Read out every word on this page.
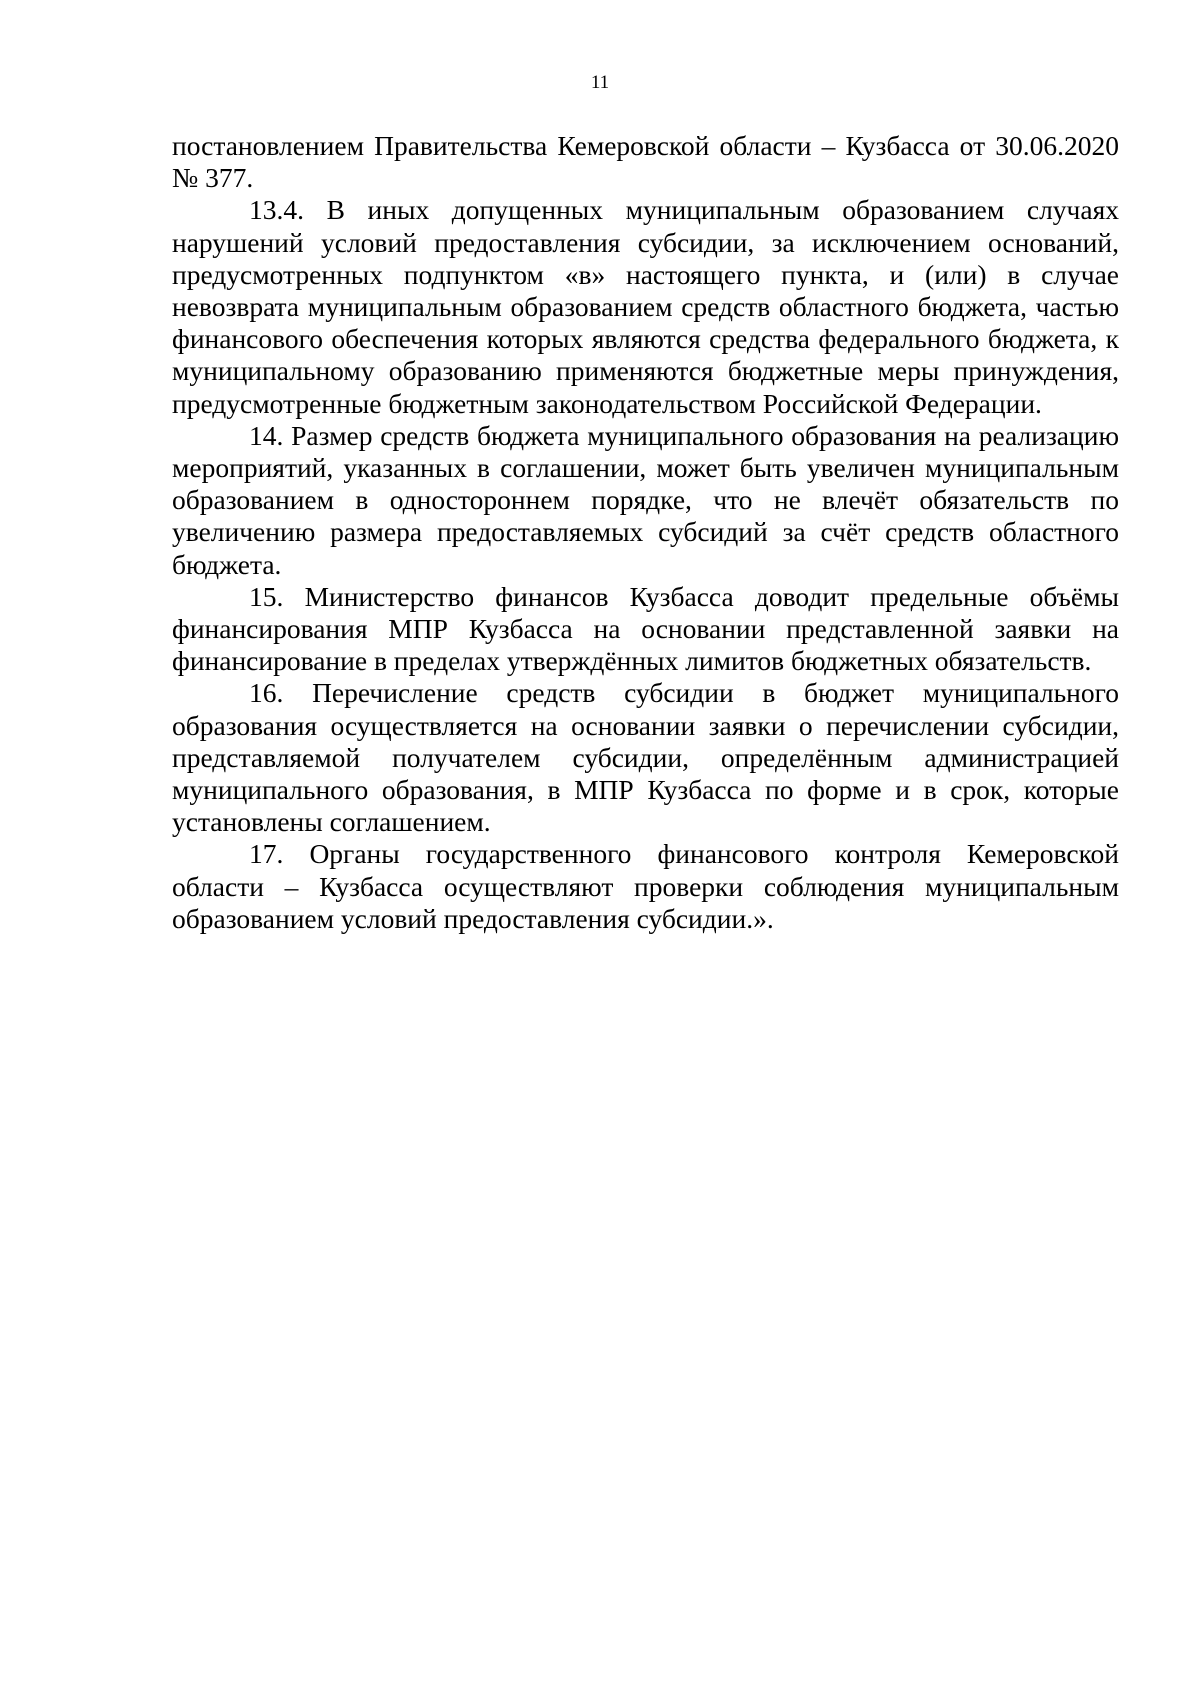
11

постановлением Правительства Кемеровской области – Кузбасса от 30.06.2020 № 377.

13.4. В иных допущенных муниципальным образованием случаях нарушений условий предоставления субсидии, за исключением оснований, предусмотренных подпунктом «в» настоящего пункта, и (или) в случае невозврата муниципальным образованием средств областного бюджета, частью финансового обеспечения которых являются средства федерального бюджета, к муниципальному образованию применяются бюджетные меры принуждения, предусмотренные бюджетным законодательством Российской Федерации.

14. Размер средств бюджета муниципального образования на реализацию мероприятий, указанных в соглашении, может быть увеличен муниципальным образованием в одностороннем порядке, что не влечёт обязательств по увеличению размера предоставляемых субсидий за счёт средств областного бюджета.

15. Министерство финансов Кузбасса доводит предельные объёмы финансирования МПР Кузбасса на основании представленной заявки на финансирование в пределах утверждённых лимитов бюджетных обязательств.

16. Перечисление средств субсидии в бюджет муниципального образования осуществляется на основании заявки о перечислении субсидии, представляемой получателем субсидии, определённым администрацией муниципального образования, в МПР Кузбасса по форме и в срок, которые установлены соглашением.

17. Органы государственного финансового контроля Кемеровской области – Кузбасса осуществляют проверки соблюдения муниципальным образованием условий предоставления субсидии.».
